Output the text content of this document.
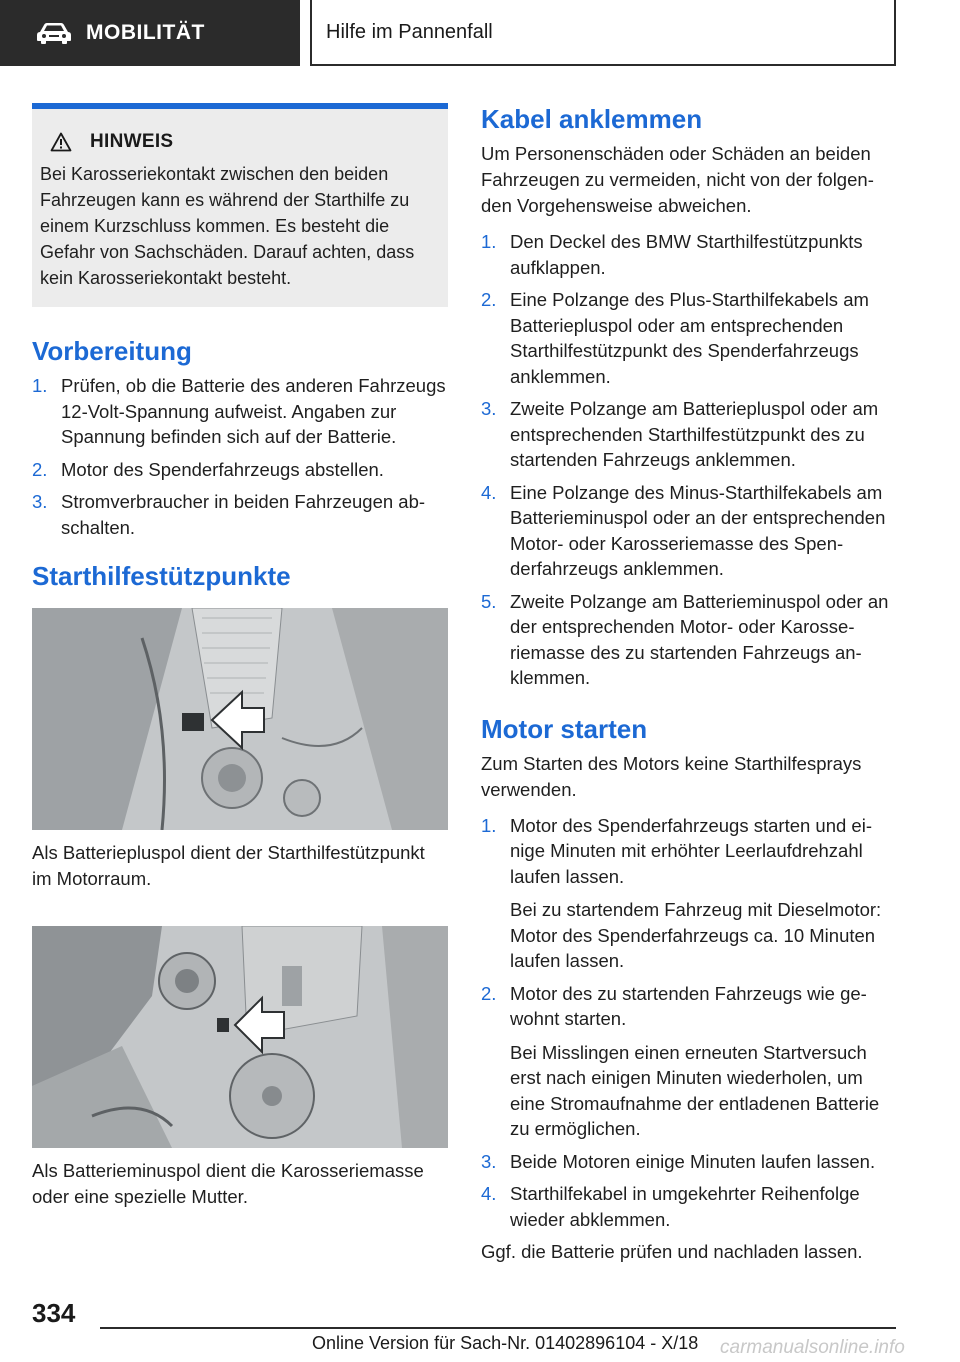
MOBILITÄT	Hilfe im Pannenfall
HINWEIS

Bei Karosseriekontakt zwischen den beiden Fahrzeugen kann es während der Starthilfe zu einem Kurzschluss kommen. Es besteht die Gefahr von Sachschäden. Darauf achten, dass kein Karosseriekontakt besteht.

Vorbereitung
1. Prüfen, ob die Batterie des anderen Fahrzeugs 12-Volt-Spannung aufweist. Angaben zur Spannung befinden sich auf der Batterie.
2. Motor des Spenderfahrzeugs abstellen.
3. Stromverbraucher in beiden Fahrzeugen abschalten.
Starthilfestützpunkte

Als Batteriepluspol dient der Starthilfestützpunkt im Motorraum.

Als Batterieminuspol dient die Karosseriemasse oder eine spezielle Mutter.

Kabel anklemmen

Um Personenschäden oder Schäden an beiden Fahrzeugen zu vermeiden, nicht von der folgenden Vorgehensweise abweichen.

1. Den Deckel des BMW Starthilfestützpunkts aufklappen.
2. Eine Polzange des Plus-Starthilfekabels am Batteriepluspol oder am entsprechenden Starthilfestützpunkt des Spenderfahrzeugs anklemmen.
3. Zweite Polzange am Batteriepluspol oder am entsprechenden Starthilfestützpunkt des zu startenden Fahrzeugs anklemmen.
4. Eine Polzange des Minus-Starthilfekabels am Batterieminuspol oder an der entsprechenden Motor- oder Karosseriemasse des Spenderfahrzeugs anklemmen.
5. Zweite Polzange am Batterieminuspol oder an der entsprechenden Motor- oder Karosseriemasse des zu startenden Fahrzeugs anklemmen.
Motor starten

Zum Starten des Motors keine Starthilfesprays verwenden.

1. Motor des Spenderfahrzeugs starten und einige Minuten mit erhöhter Leerlaufdrehzahl laufen lassen.
Bei zu startendem Fahrzeug mit Dieselmotor: Motor des Spenderfahrzeugs ca. 10 Minuten laufen lassen.
2. Motor des zu startenden Fahrzeugs wie gewohnt starten.
Bei Misslingen einen erneuten Startversuch erst nach einigen Minuten wiederholen, um eine Stromaufnahme der entladenen Batterie zu ermöglichen.
3. Beide Motoren einige Minuten laufen lassen.
4. Starthilfekabel in umgekehrter Reihenfolge wieder abklemmen.

Ggf. die Batterie prüfen und nachladen lassen.

334
Online Version für Sach-Nr. 01402896104 - X/18 carmanualsonline.info
